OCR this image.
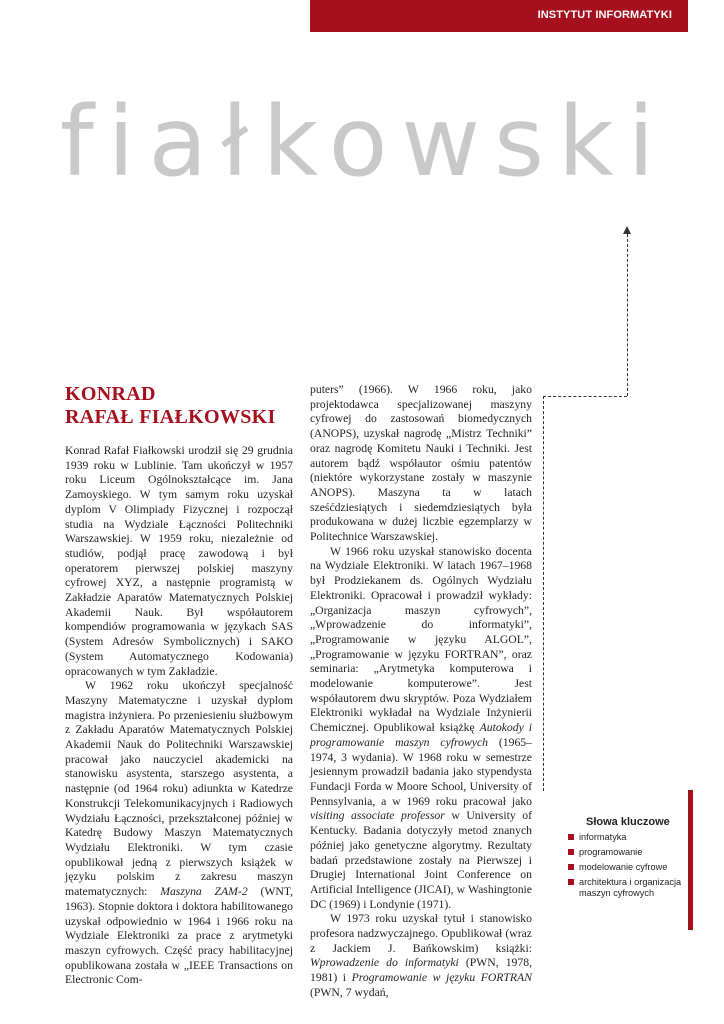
INSTYTUT INFORMATYKI
fiałkowski
KONRAD
RAFAŁ FIAŁKOWSKI

Konrad Rafał Fiałkowski urodził się 29 grudnia 1939 roku w Lublinie. Tam ukończył w 1957 roku Liceum Ogólnokształcące im. Jana Zamoyskiego. W tym samym roku uzyskał dyplom V Olimpiady Fizycznej i rozpoczął studia na Wydziale Łączności Politechniki Warszawskiej. W 1959 roku, niezależnie od studiów, podjął pracę zawodową i był operatorem pierwszej polskiej maszyny cyfrowej XYZ, a następnie programistą w Zakładzie Aparatów Matematycznych Polskiej Akademii Nauk. Był współautorem kompendiów programowania w językach SAS (System Adresów Symbolicznych) i SAKO (System Automatycznego Kodowania) opracowanych w tym Zakładzie.

W 1962 roku ukończył specjalność Maszyny Matematyczne i uzyskał dyplom magistra inżyniera. Po przeniesieniu służbowym z Zakładu Aparatów Matematycznych Polskiej Akademii Nauk do Politechniki Warszawskiej pracował jako nauczyciel akademicki na stanowisku asystenta, starszego asystenta, a następnie (od 1964 roku) adiunkta w Katedrze Konstrukcji Telekomunikacyjnych i Radiowych Wydziału Łączności, przekształconej później w Katedrę Budowy Maszyn Matematycznych Wydziału Elektroniki. W tym czasie opublikował jedną z pierwszych książek w języku polskim z zakresu maszyn matematycznych: Maszyna ZAM-2 (WNT, 1963). Stopnie doktora i doktora habilitowanego uzyskał odpowiednio w 1964 i 1966 roku na Wydziale Elektroniki za prace z arytmetyki maszyn cyfrowych. Część pracy habilitacyjnej opublikowana została w „IEEE Transactions on Electronic Com-

puters” (1966). W 1966 roku, jako projektodawca specjalizowanej maszyny cyfrowej do zastosowań biomedycznych (ANOPS), uzyskał nagrodę „Mistrz Techniki” oraz nagrodę Komitetu Nauki i Techniki. Jest autorem bądź współautor ośmiu patentów (niektóre wykorzystane zostały w maszynie ANOPS). Maszyna ta w latach sześćdziesiątych i siedemdziesiątych była produkowana w dużej liczbie egzemplarzy w Politechnice Warszawskiej.

W 1966 roku uzyskał stanowisko docenta na Wydziale Elektroniki. W latach 1967–1968 był Prodziekanem ds. Ogólnych Wydziału Elektroniki. Opracował i prowadził wykłady: „Organizacja maszyn cyfrowych”, „Wprowadzenie do informatyki”, „Programowanie w języku ALGOL”, „Programowanie w języku FORTRAN”, oraz seminaria: „Arytmetyka komputerowa i modelowanie komputerowe”. Jest współautorem dwu skryptów. Poza Wydziałem Elektroniki wykładał na Wydziale Inżynierii Chemicznej. Opublikował książkę Autokody i programowanie maszyn cyfrowych (1965–1974, 3 wydania). W 1968 roku w semestrze jesiennym prowadził badania jako stypendysta Fundacji Forda w Moore School, University of Pennsylvania, a w 1969 roku pracował jako visiting associate professor w University of Kentucky. Badania dotyczyły metod znanych później jako genetyczne algorytmy. Rezultaty badań przedstawione zostały na Pierwszej i Drugiej International Joint Conference on Artificial Intelligence (JICAI), w Washingtonie DC (1969) i Londynie (1971).

W 1973 roku uzyskał tytuł i stanowisko profesora nadzwyczajnego. Opublikował (wraz z Jackiem J. Bańkowskim) książki: Wprowadzenie do informatyki (PWN, 1978, 1981) i Programowanie w języku FORTRAN (PWN, 7 wydań,

Słowa kluczowe
informatyka
programowanie
modelowanie cyfrowe
architektura i organizacja maszyn cyfrowych
